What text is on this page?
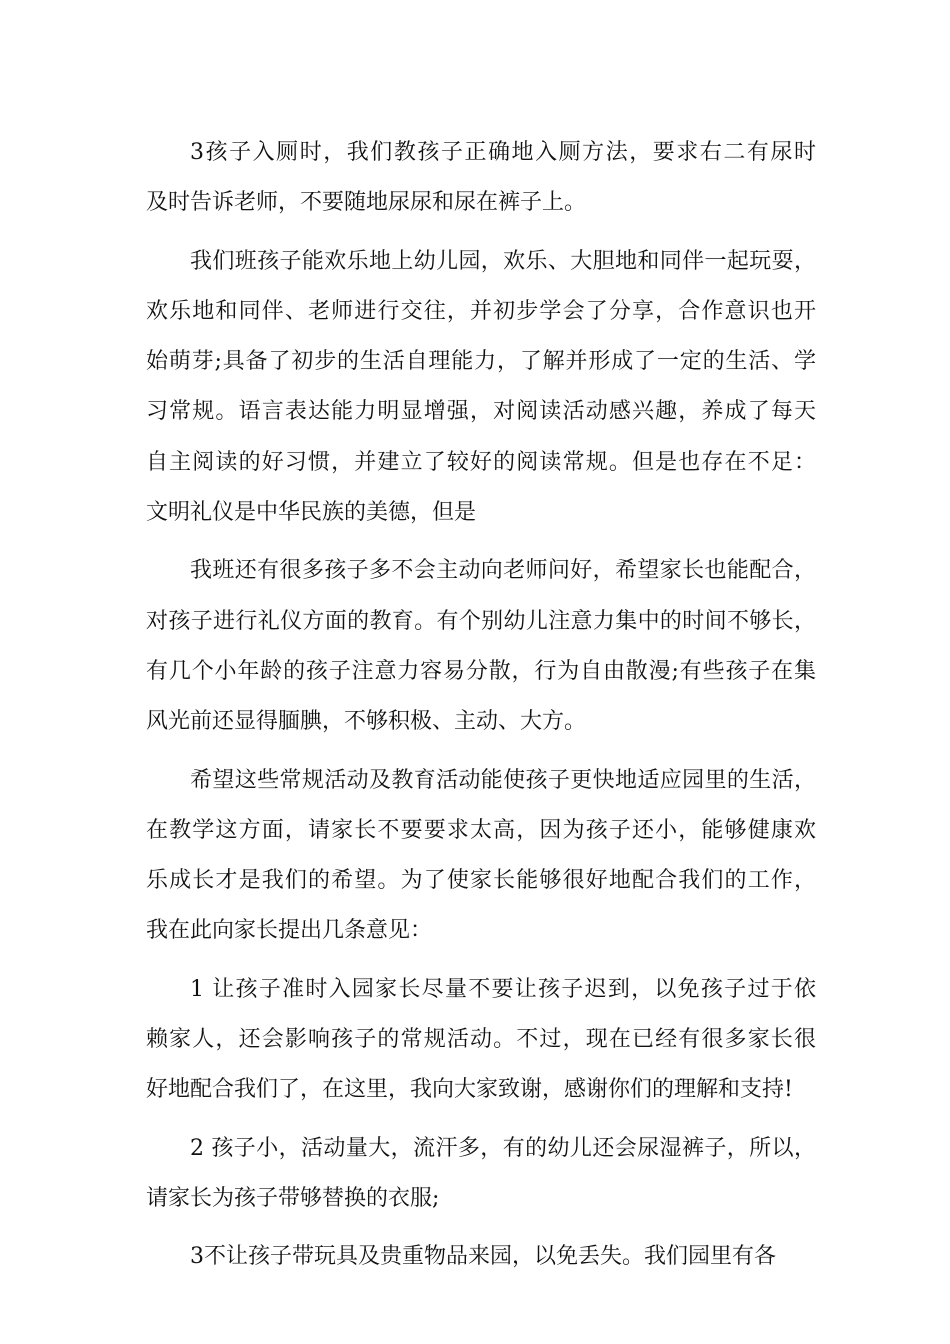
3孩子入厕时，我们教孩子正确地入厕方法，要求右二有尿时
及时告诉老师，不要随地尿尿和尿在裤子上。
我们班孩子能欢乐地上幼儿园，欢乐、大胆地和同伴一起玩耍，
欢乐地和同伴、老师进行交往，并初步学会了分享，合作意识也开
始萌芽;具备了初步的生活自理能力，了解并形成了一定的生活、学
习常规。语言表达能力明显增强，对阅读活动感兴趣，养成了每天
自主阅读的好习惯，并建立了较好的阅读常规。但是也存在不足：
文明礼仪是中华民族的美德，但是
我班还有很多孩子多不会主动向老师问好，希望家长也能配合，
对孩子进行礼仪方面的教育。有个别幼儿注意力集中的时间不够长，
有几个小年龄的孩子注意力容易分散，行为自由散漫;有些孩子在集
风光前还显得腼腆，不够积极、主动、大方。
希望这些常规活动及教育活动能使孩子更快地适应园里的生活，
在教学这方面，请家长不要要求太高，因为孩子还小，能够健康欢
乐成长才是我们的希望。为了使家长能够很好地配合我们的工作，
我在此向家长提出几条意见：
1 让孩子准时入园家长尽量不要让孩子迟到，以免孩子过于依
赖家人，还会影响孩子的常规活动。不过，现在已经有很多家长很
好地配合我们了，在这里，我向大家致谢，感谢你们的理解和支持!
2 孩子小，活动量大，流汗多，有的幼儿还会尿湿裤子，所以，
请家长为孩子带够替换的衣服;
3不让孩子带玩具及贵重物品来园，以免丢失。我们园里有各
